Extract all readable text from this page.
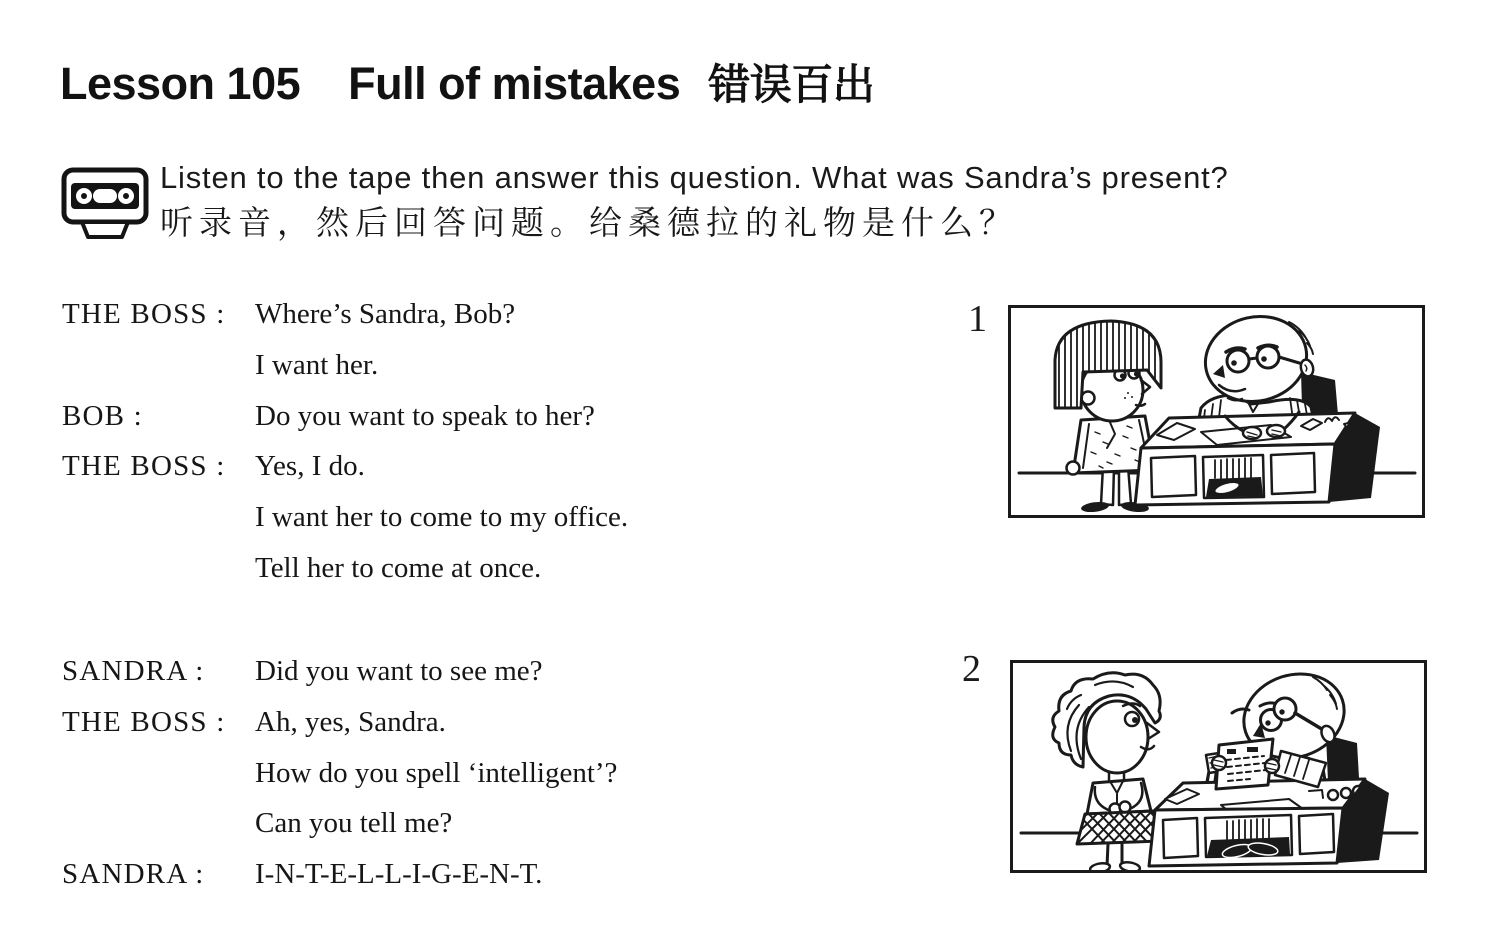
Lesson 105 Full of mistakes 错误百出
Listen to the tape then answer this question. What was Sandra’s present?
听录音，然后回答问题。给桑德拉的礼物是什么？
THE BOSS :	Where’s Sandra, Bob?
I want her.
BOB :	Do you want to speak to her?
THE BOSS :	Yes, I do.
I want her to come to my office.
Tell her to come at once.
SANDRA :	Did you want to see me?
THE BOSS :	Ah, yes, Sandra.
How do you spell ‘intelligent’?
Can you tell me?
SANDRA :	I-N-T-E-L-L-I-G-E-N-T.
1
2
